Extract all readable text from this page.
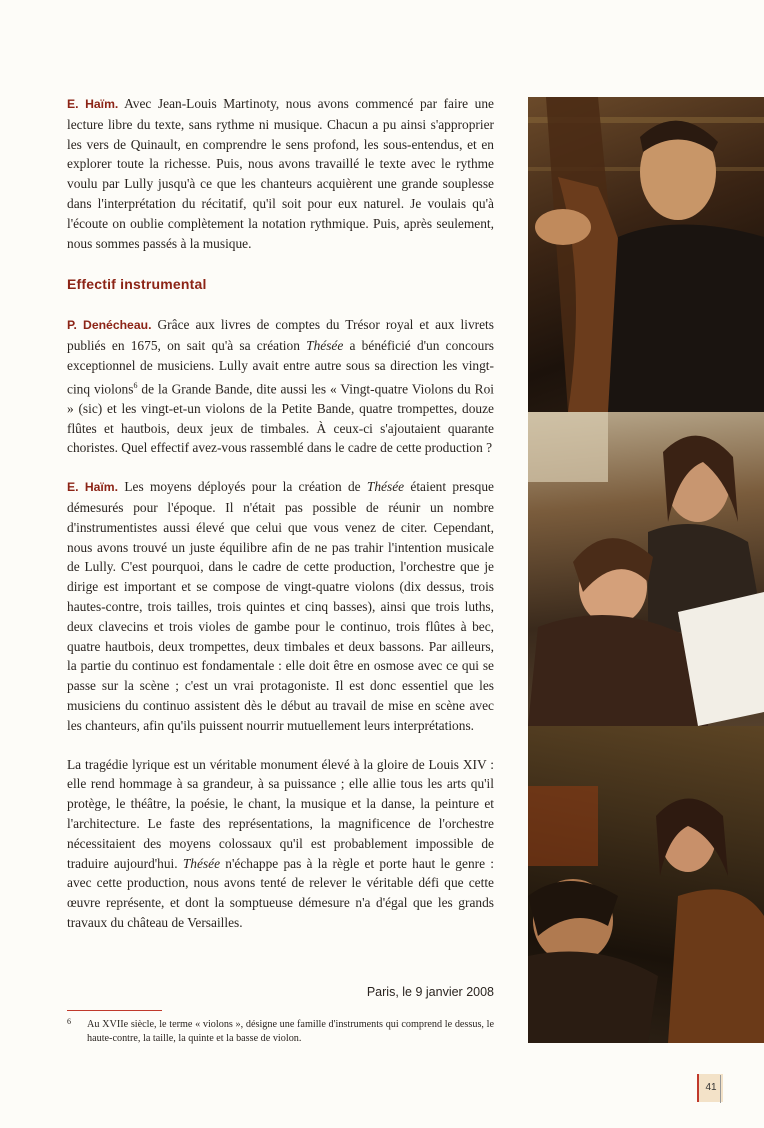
E. Haïm. Avec Jean-Louis Martinoty, nous avons commencé par faire une lecture libre du texte, sans rythme ni musique. Chacun a pu ainsi s'approprier les vers de Quinault, en comprendre le sens profond, les sous-entendus, et en explorer toute la richesse. Puis, nous avons travaillé le texte avec le rythme voulu par Lully jusqu'à ce que les chanteurs acquièrent une grande souplesse dans l'interprétation du récitatif, qu'il soit pour eux naturel. Je voulais qu'à l'écoute on oublie complètement la notation rythmique. Puis, après seulement, nous sommes passés à la musique.

Effectif instrumental

P. Denécheau. Grâce aux livres de comptes du Trésor royal et aux livrets publiés en 1675, on sait qu'à sa création Thésée a bénéficié d'un concours exceptionnel de musiciens. Lully avait entre autre sous sa direction les vingt-cinq violons$^6$ de la Grande Bande, dite aussi les « Vingt-quatre Violons du Roi » (sic) et les vingt-et-un violons de la Petite Bande, quatre trompettes, douze flûtes et hautbois, deux jeux de timbales. À ceux-ci s'ajoutaient quarante choristes. Quel effectif avez-vous rassemblé dans le cadre de cette production ?

E. Haïm. Les moyens déployés pour la création de Thésée étaient presque démesurés pour l'époque. Il n'était pas possible de réunir un nombre d'instrumentistes aussi élevé que celui que vous venez de citer. Cependant, nous avons trouvé un juste équilibre afin de ne pas trahir l'intention musicale de Lully. C'est pourquoi, dans le cadre de cette production, l'orchestre que je dirige est important et se compose de vingt-quatre violons (dix dessus, trois hautes-contre, trois tailles, trois quintes et cinq basses), ainsi que trois luths, deux clavecins et trois violes de gambe pour le continuo, trois flûtes à bec, quatre hautbois, deux trompettes, deux timbales et deux bassons. Par ailleurs, la partie du continuo est fondamentale : elle doit être en osmose avec ce qui se passe sur la scène ; c'est un vrai protagoniste. Il est donc essentiel que les musiciens du continuo assistent dès le début au travail de mise en scène avec les chanteurs, afin qu'ils puissent nourrir mutuellement leurs interprétations.

La tragédie lyrique est un véritable monument élevé à la gloire de Louis XIV : elle rend hommage à sa grandeur, à sa puissance ; elle allie tous les arts qu'il protège, le théâtre, la poésie, le chant, la musique et la danse, la peinture et l'architecture. Le faste des représentations, la magnificence de l'orchestre nécessitaient des moyens colossaux qu'il est probablement impossible de traduire aujourd'hui. Thésée n'échappe pas à la règle et porte haut le genre : avec cette production, nous avons tenté de relever le véritable défi que cette œuvre représente, et dont la somptueuse démesure n'a d'égal que les grands travaux du château de Versailles.

Paris, le 9 janvier 2008
6	Au XVIIe siècle, le terme « violons », désigne une famille d'instruments qui comprend le dessus, le haute-contre, la taille, la quinte et la basse de violon.
41
